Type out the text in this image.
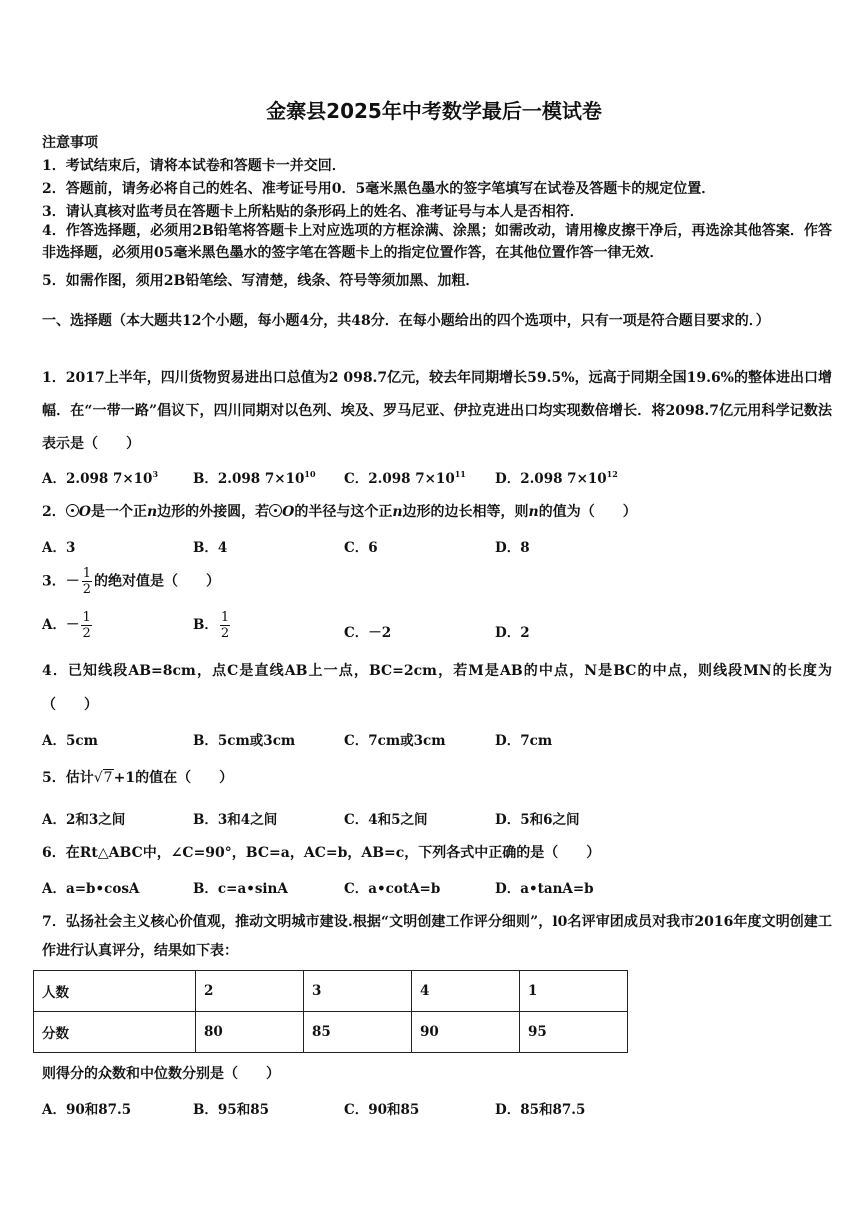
金寨县2025年中考数学最后一模试卷
注意事项
1．考试结束后，请将本试卷和答题卡一并交回．
2．答题前，请务必将自己的姓名、准考证号用0．5毫米黑色墨水的签字笔填写在试卷及答题卡的规定位置．
3．请认真核对监考员在答题卡上所粘贴的条形码上的姓名、准考证号与本人是否相符．
4．作答选择题，必须用2B铅笔将答题卡上对应选项的方框涂满、涂黑；如需改动，请用橡皮擦干净后，再选涂其他答案．作答非选择题，必须用05毫米黑色墨水的签字笔在答题卡上的指定位置作答，在其他位置作答一律无效．
5．如需作图，须用2B铅笔绘、写清楚，线条、符号等须加黑、加粗．
一、选择题（本大题共12个小题，每小题4分，共48分．在每小题给出的四个选项中，只有一项是符合题目要求的．）
1．2017上半年，四川货物贸易进出口总值为2 098.7亿元，较去年同期增长59.5%，远高于同期全国19.6%的整体进出口增幅．在“一带一路”倡议下，四川同期对以色列、埃及、罗马尼亚、伊拉克进出口均实现数倍增长．将2098.7亿元用科学记数法表示是（　　）
A．2.098 $7\times 10^3$	B．2.098 $7\times 10^{10}$ C．2.098 $7\times 10^{11}$ D．2.098 $7\times 10^{12}$
2． O是一个正n边形的外接圆，若 O的半径与这个正n边形的边长相等，则n的值为（　　）
A．3	B．4	C．6	D．8
3．－ $\frac{1}{2}$ 的绝对值是（　　）
A．－ $\frac{1}{2}$	B． $\frac{1}{2}$	C．－2	D．2
4．已知线段AB=8cm，点C是直线AB上一点，BC=2cm，若M是AB的中点，N是BC的中点，则线段MN的长度为（　　）
A．5cm	B．5cm或3cm	C．7cm或3cm	D．7cm
5．估计√7+1的值在（　　）
A．2和3之间	B．3和4之间	C．4和5之间	D．5和6之间
6．在Rt△ABC中，∠C=90°，BC=a，AC=b，AB=c，下列各式中正确的是（　　）
A．a=b•cosA	B．c=a•sinA	C．a•cotA=b	D．a•tanA=b
7．弘扬社会主义核心价值观，推动文明城市建设.根据“文明创建工作评分细则”，l0名评审团成员对我市2016年度文明创建工作进行认真评分，结果如下表：
人数	2	3	4	1
分数	80	85	90	95
则得分的众数和中位数分别是（　　）
A．90和87.5	B．95和85	C．90和85	D．85和87.5
